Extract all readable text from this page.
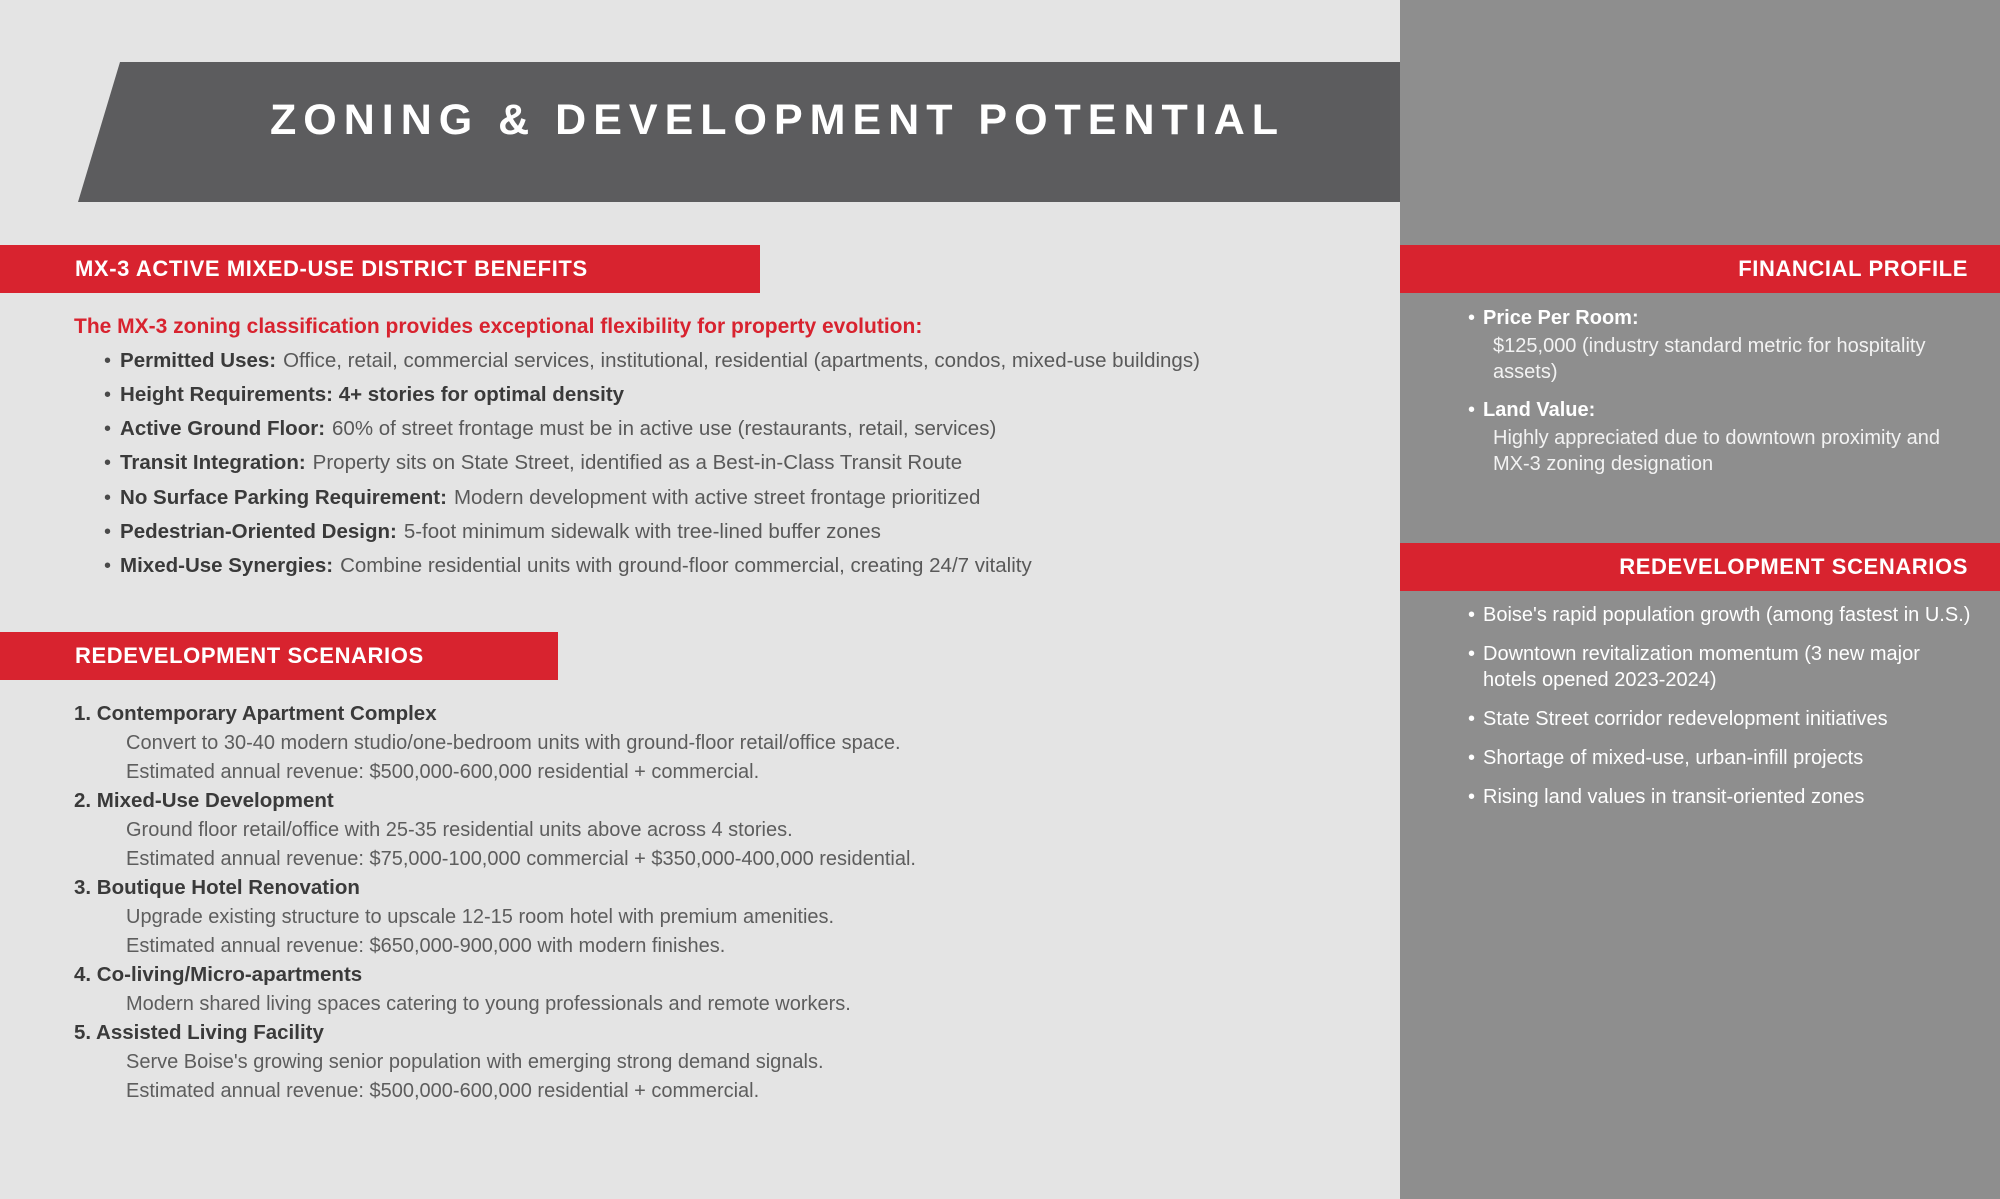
ZONING & DEVELOPMENT POTENTIAL
MX-3 ACTIVE MIXED-USE DISTRICT BENEFITS
The MX-3 zoning classification provides exceptional flexibility for property evolution:
• Permitted Uses: Office, retail, commercial services, institutional, residential (apartments, condos, mixed-use buildings)
• Height Requirements: 4+ stories for optimal density
• Active Ground Floor: 60% of street frontage must be in active use (restaurants, retail, services)
• Transit Integration: Property sits on State Street, identified as a Best-in-Class Transit Route
• No Surface Parking Requirement: Modern development with active street frontage prioritized
• Pedestrian-Oriented Design: 5-foot minimum sidewalk with tree-lined buffer zones
• Mixed-Use Synergies: Combine residential units with ground-floor commercial, creating 24/7 vitality
REDEVELOPMENT SCENARIOS
1. Contemporary Apartment Complex
Convert to 30-40 modern studio/one-bedroom units with ground-floor retail/office space.
Estimated annual revenue: $500,000-600,000 residential + commercial.
2. Mixed-Use Development
Ground floor retail/office with 25-35 residential units above across 4 stories.
Estimated annual revenue: $75,000-100,000 commercial + $350,000-400,000 residential.
3. Boutique Hotel Renovation
Upgrade existing structure to upscale 12-15 room hotel with premium amenities.
Estimated annual revenue: $650,000-900,000 with modern finishes.
4. Co-living/Micro-apartments
Modern shared living spaces catering to young professionals and remote workers.
5. Assisted Living Facility
Serve Boise's growing senior population with emerging strong demand signals.
Estimated annual revenue: $500,000-600,000 residential + commercial.
FINANCIAL PROFILE
• Price Per Room:
$125,000 (industry standard metric for hospitality assets)
• Land Value:
Highly appreciated due to downtown proximity and MX-3 zoning designation
REDEVELOPMENT SCENARIOS
• Boise's rapid population growth (among fastest in U.S.)
• Downtown revitalization momentum (3 new major hotels opened 2023-2024)
• State Street corridor redevelopment initiatives
• Shortage of mixed-use, urban-infill projects
• Rising land values in transit-oriented zones
